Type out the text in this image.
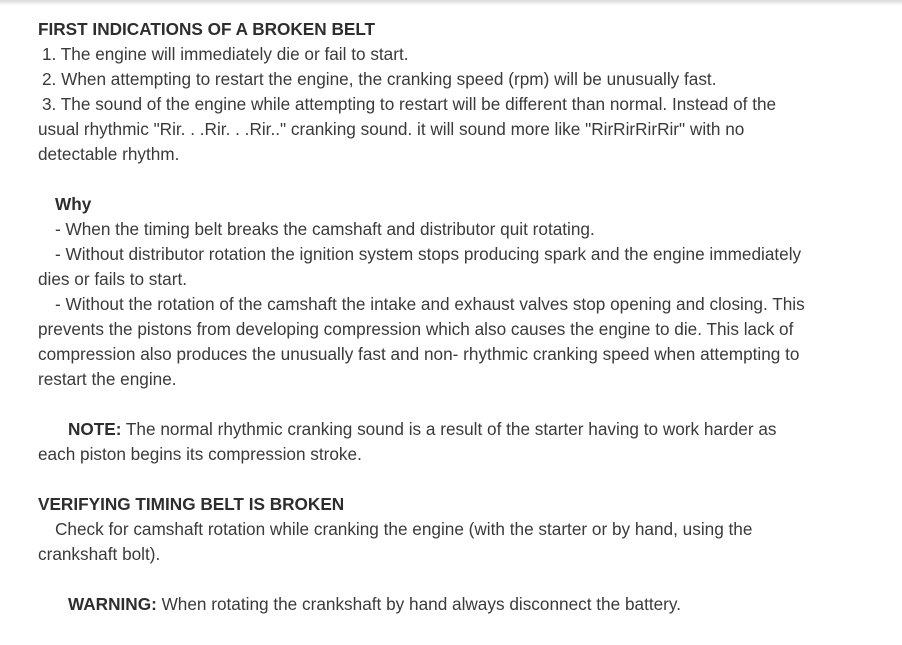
FIRST INDICATIONS OF A BROKEN BELT

1. The engine will immediately die or fail to start.

2. When attempting to restart the engine, the cranking speed (rpm) will be unusually fast.

3. The sound of the engine while attempting to restart will be different than normal. Instead of the usual rhythmic "Rir. . .Rir. . .Rir.." cranking sound. it will sound more like "RirRirRirRir" with no detectable rhythm.

Why

- When the timing belt breaks the camshaft and distributor quit rotating.

- Without distributor rotation the ignition system stops producing spark and the engine immediately dies or fails to start.

- Without the rotation of the camshaft the intake and exhaust valves stop opening and closing. This prevents the pistons from developing compression which also causes the engine to die. This lack of compression also produces the unusually fast and non- rhythmic cranking speed when attempting to restart the engine.

NOTE: The normal rhythmic cranking sound is a result of the starter having to work harder as each piston begins its compression stroke.

VERIFYING TIMING BELT IS BROKEN

Check for camshaft rotation while cranking the engine (with the starter or by hand, using the crankshaft bolt).

WARNING: When rotating the crankshaft by hand always disconnect the battery.
